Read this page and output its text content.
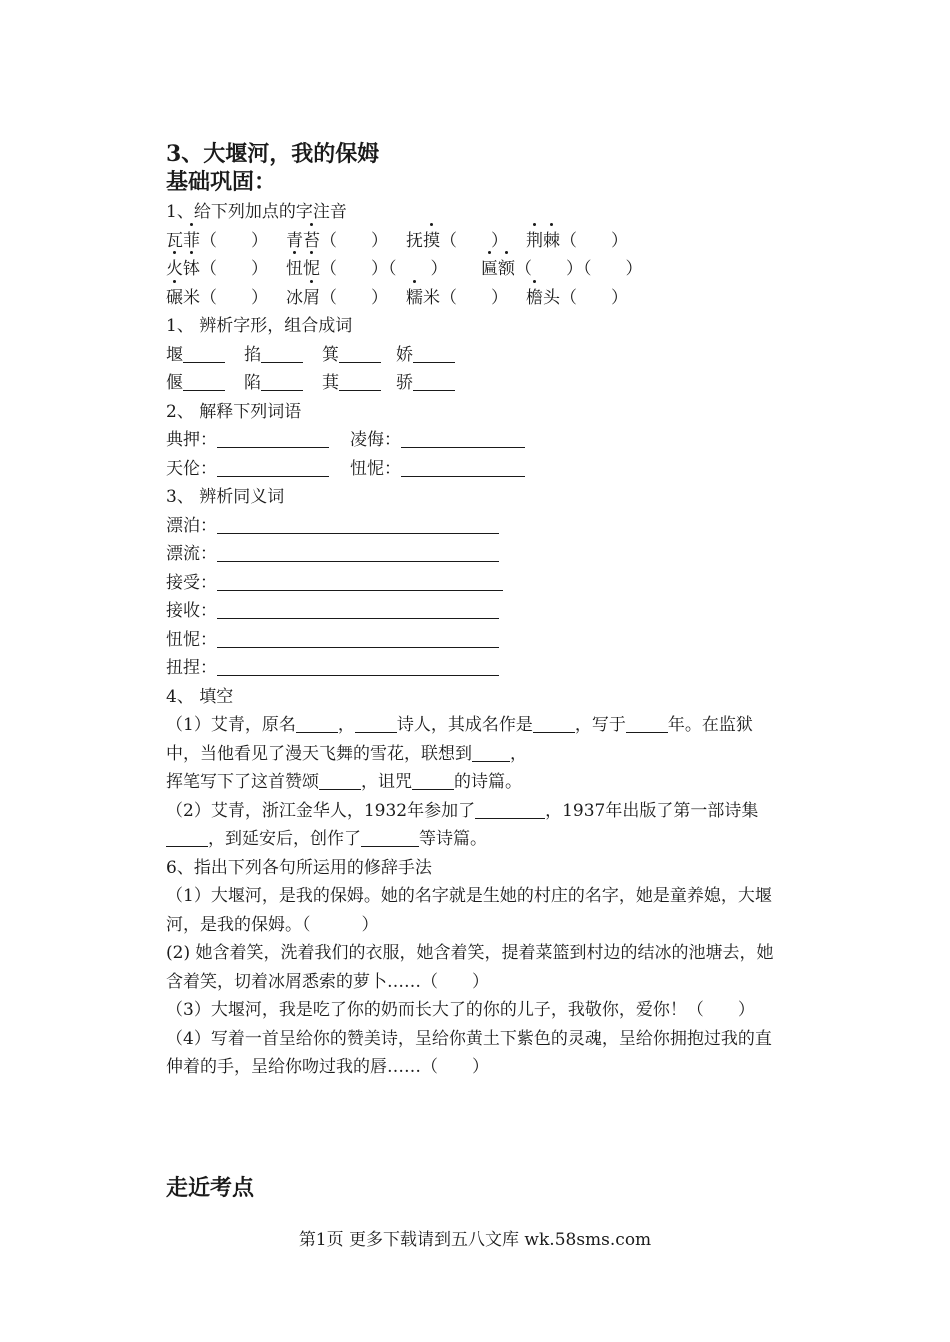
3、大堰河，我的保姆
基础巩固：
1、给下列加点的字注音
瓦菲（　　）	青苔（　　）	抚摸（　　）	荆棘（　　）
火钵（　　）	忸怩（　　）（　　）	匾额（　　）（　　）
碾米（　　）	冰屑（　　）	糯米（　　）	檐头（　　）
1、 辨析字形，组合成词
堰	掐	箕	娇
偃	陷	萁	骄
2、 解释下列词语
典押：	凌侮：
天伦：	忸怩：
3、 辨析同义词
漂泊：
漂流：
接受：
接收：
忸怩：
扭捏：
4、 填空
（1）艾青，原名 ， 诗人，其成名作是 ，写于 年。在监狱中，当他看见了漫天飞舞的雪花，联想到 ，
挥笔写下了这首赞颂 ，诅咒 的诗篇。
（2）艾青，浙江金华人，1932年参加了	，1937年出版了第一部诗集，到延安后，创作了	等诗篇。
6、指出下列各句所运用的修辞手法
（1）大堰河，是我的保姆。她的名字就是生她的村庄的名字，她是童养媳，大堰河，是我的保姆。（　　　）
(2) 她含着笑，洗着我们的衣服，她含着笑，提着菜篮到村边的结冰的池塘去，她含着笑，切着冰屑悉索的萝卜……（　　）
（3）大堰河，我是吃了你的奶而长大了的你的儿子，我敬你，爱你！（　　）
（4）写着一首呈给你的赞美诗，呈给你黄土下紫色的灵魂，呈给你拥抱过我的直伸着的手，呈给你吻过我的唇……（　　）
走近考点
第1页 更多下载请到五八文库 wk.58sms.com
